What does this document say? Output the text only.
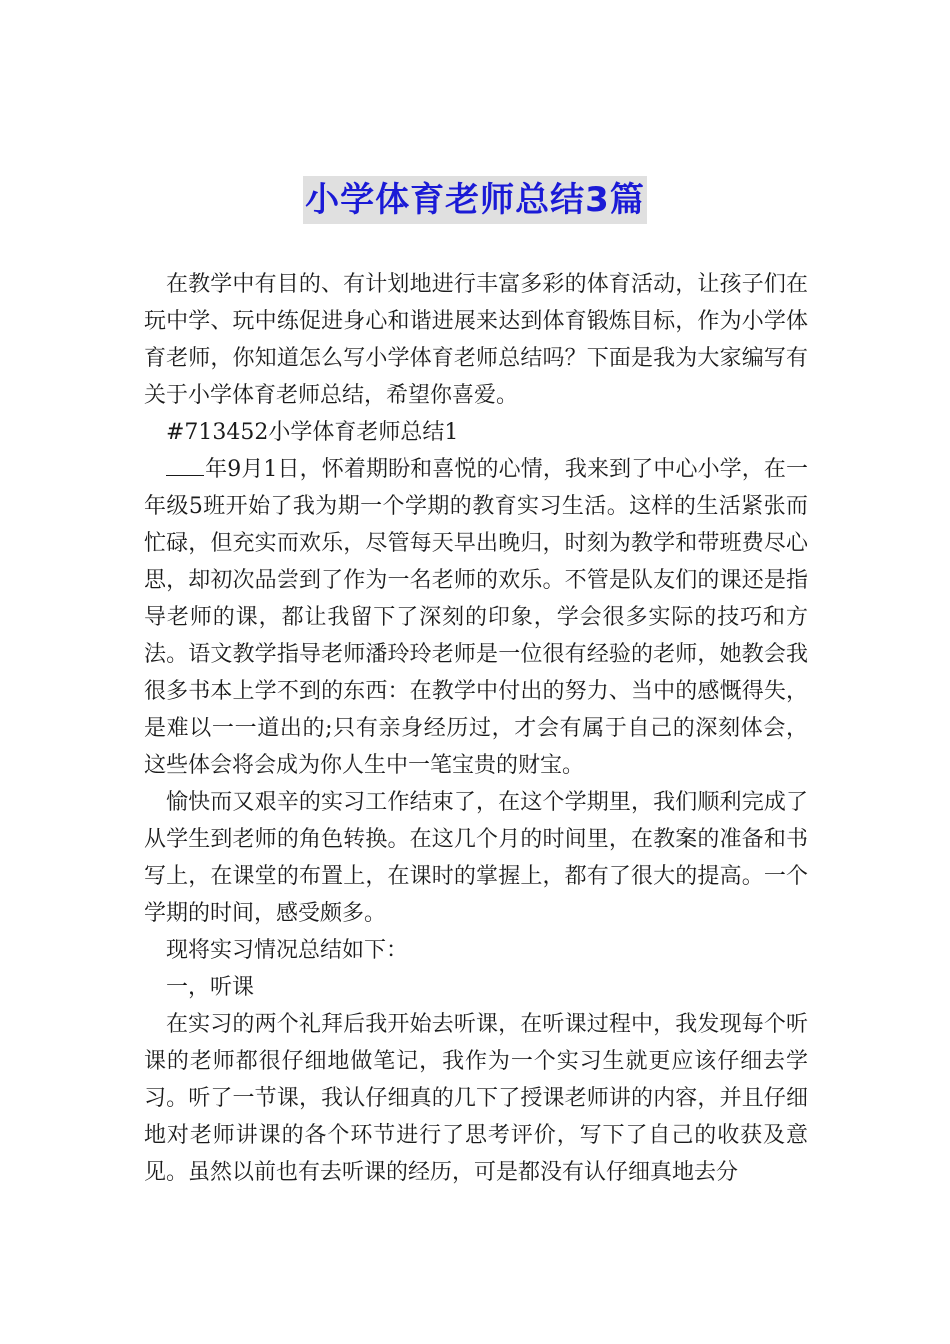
小学体育老师总结3篇

在教学中有目的、有计划地进行丰富多彩的体育活动，让孩子们在玩中学、玩中练促进身心和谐进展来达到体育锻炼目标，作为小学体育老师，你知道怎么写小学体育老师总结吗？下面是我为大家编写有关于小学体育老师总结，希望你喜爱。

#713452小学体育老师总结1

年9月1日，怀着期盼和喜悦的心情，我来到了中心小学，在一年级5班开始了我为期一个学期的教育实习生活。这样的生活紧张而忙碌，但充实而欢乐，尽管每天早出晚归，时刻为教学和带班费尽心思，却初次品尝到了作为一名老师的欢乐。不管是队友们的课还是指导老师的课，都让我留下了深刻的印象，学会很多实际的技巧和方法。语文教学指导老师潘玲玲老师是一位很有经验的老师，她教会我很多书本上学不到的东西：在教学中付出的努力、当中的感慨得失，是难以一一道出的;只有亲身经历过，才会有属于自己的深刻体会，这些体会将会成为你人生中一笔宝贵的财宝。

愉快而又艰辛的实习工作结束了，在这个学期里，我们顺利完成了从学生到老师的角色转换。在这几个月的时间里，在教案的准备和书写上，在课堂的布置上，在课时的掌握上，都有了很大的提高。一个学期的时间，感受颇多。

现将实习情况总结如下：

一，听课

在实习的两个礼拜后我开始去听课，在听课过程中，我发现每个听课的老师都很仔细地做笔记，我作为一个实习生就更应该仔细去学习。听了一节课，我认仔细真的几下了授课老师讲的内容，并且仔细地对老师讲课的各个环节进行了思考评价，写下了自己的收获及意见。虽然以前也有去听课的经历，可是都没有认仔细真地去分
